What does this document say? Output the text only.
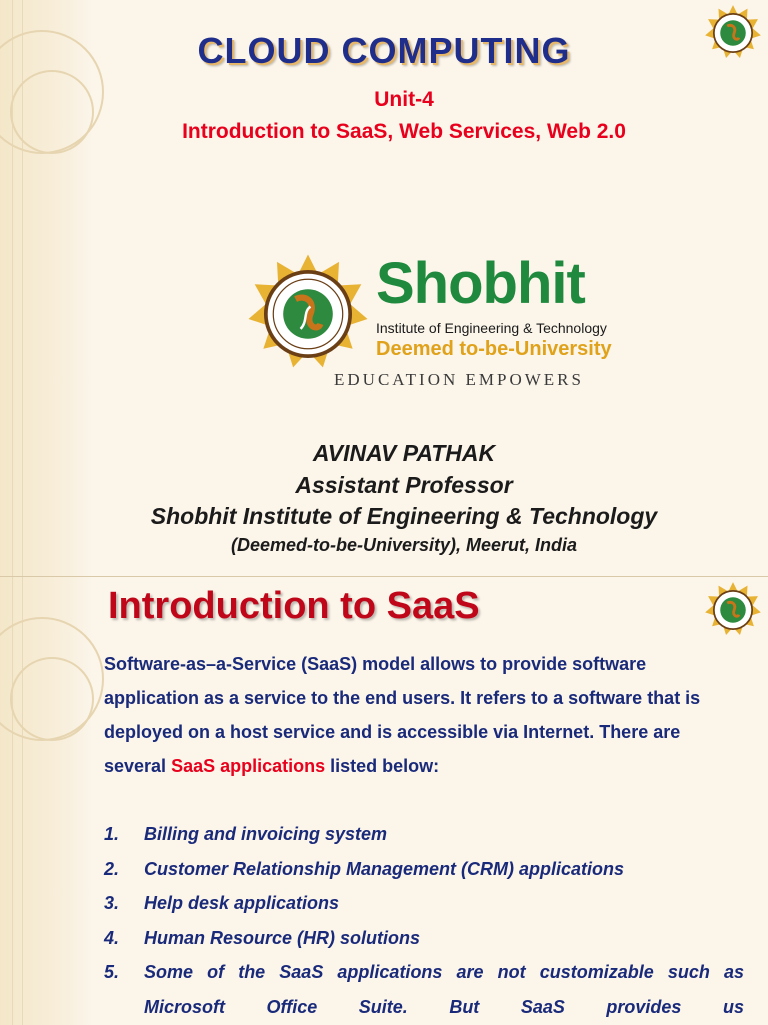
CLOUD COMPUTING
Unit-4
Introduction to SaaS, Web Services, Web 2.0
Shobhit
Institute of Engineering & Technology
Deemed to-be-University
EDUCATION EMPOWERS
AVINAV PATHAK
Assistant Professor
Shobhit Institute of Engineering & Technology
(Deemed-to-be-University), Meerut, India
Introduction to SaaS
Software-as–a-Service (SaaS) model allows to provide software application as a service to the end users. It refers to a software that is deployed on a host service and is accessible via Internet. There are several SaaS applications listed below:
1. Billing and invoicing system
2. Customer Relationship Management (CRM) applications
3. Help desk applications
4. Human Resource (HR) solutions
5. Some of the SaaS applications are not customizable such as Microsoft Office Suite. But SaaS provides us
